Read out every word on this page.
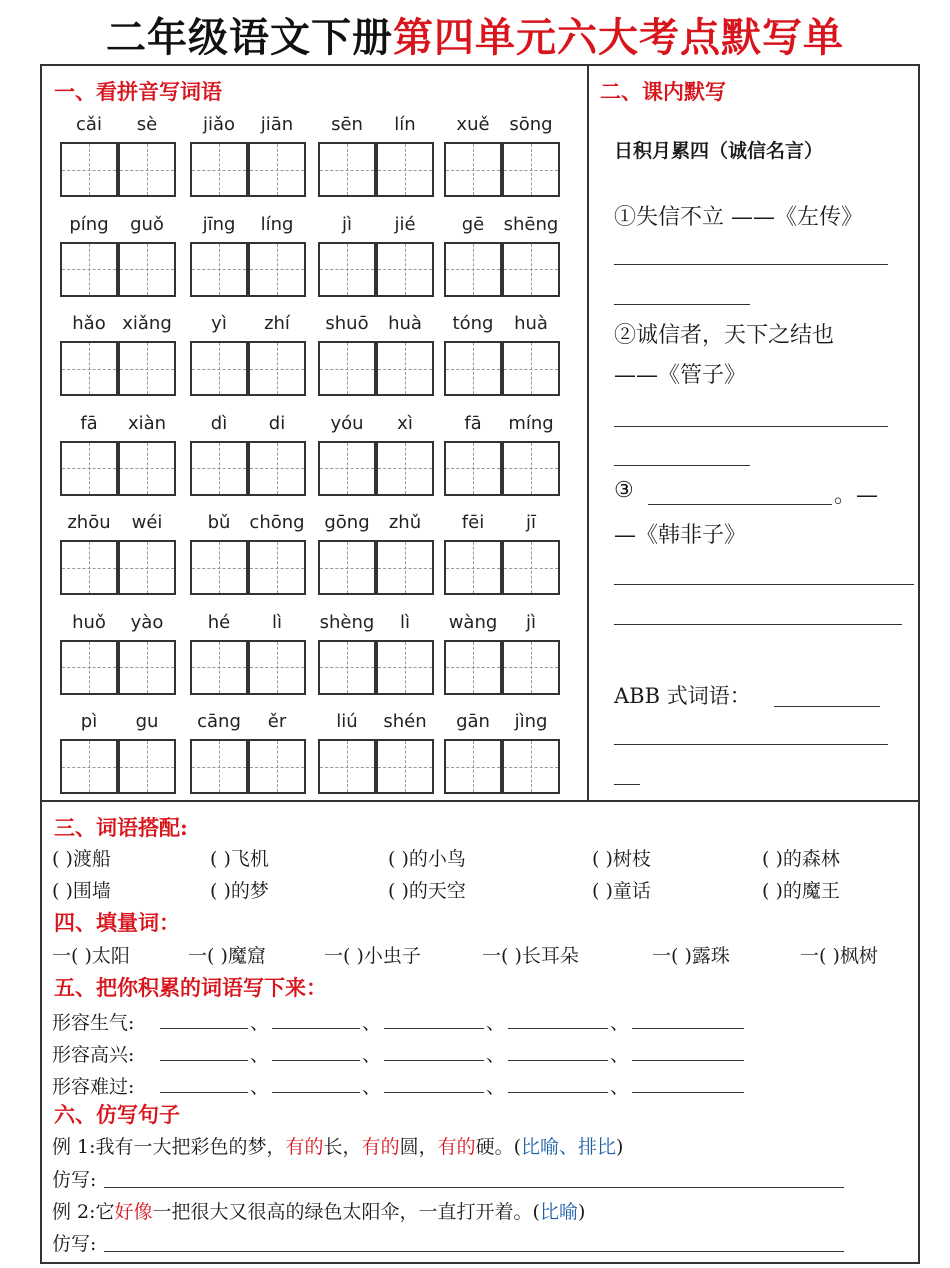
二年级语文下册第四单元六大考点默写单
一、看拼音写词语
cǎi	sè	jiǎo	jiān	sēn	lín	xuě	sōng
píng	guǒ	jīng	líng	jì	jié	gē	shēng
hǎo xiǎng	yì	zhí	shuō	huà	tóng	huà
fā	xiàn	dì	di	yóu	xì	fā	míng
zhōu	wéi	bǔ	chōng	gōng	zhǔ	fēi	jī
huǒ	yào	hé	lì	shèng	lì	wàng	jì
pì	gu	cāng	ěr	liú	shén	gān	jìng
二、课内默写
日积月累四（诚信名言）
①失信不立 ——《左传》
②诚信者，天下之结也
——《管子》
③	。—
—《韩非子》
ABB 式词语：
三、词语搭配:
( )渡船	( )飞机	( )的小鸟	( )树枝	( )的森林
( )围墙	( )的梦	( )的天空	( )童话	( )的魔王
四、填量词：
一( )太阳	一( )魔窟	一( )小虫子	一( )长耳朵	一( )露珠	一( )枫树
五、把你积累的词语写下来：
形容生气:	、	、	、	、
形容高兴:	、	、	、	、
形容难过:	、	、	、	、
六、仿写句子
例 1:我有一大把彩色的梦，有的长，有的圆，有的硬。(比喻、排比)
仿写:
例 2:它好像一把很大又很高的绿色太阳伞，一直打开着。(比喻)
仿写:
